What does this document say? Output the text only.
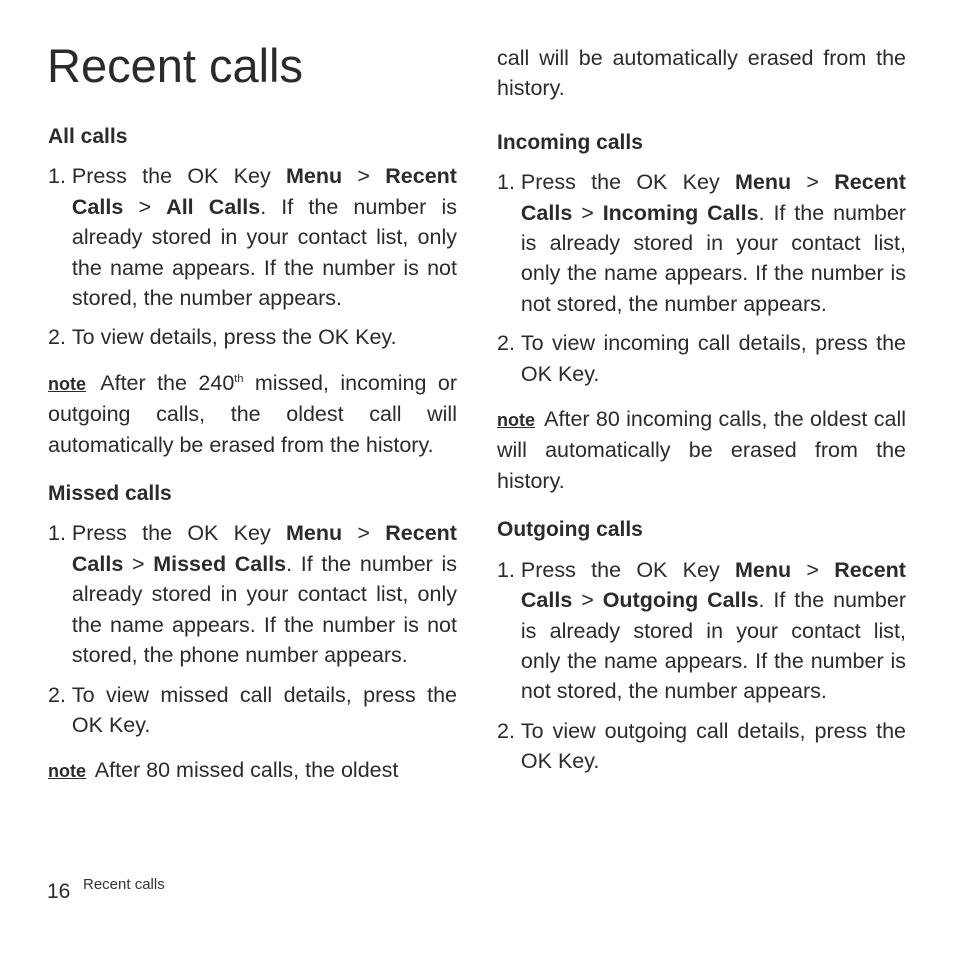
Recent calls
All calls
1. Press the OK Key Menu > Recent Calls > All Calls. If the number is already stored in your contact list, only the name appears. If the number is not stored, the number appears.
2. To view details, press the OK Key.

note After the 240th missed, incoming or outgoing calls, the oldest call will automatically be erased from the history.

Missed calls
1. Press the OK Key Menu > Recent Calls > Missed Calls. If the number is already stored in your contact list, only the name appears. If the number is not stored, the phone number appears.
2. To view missed call details, press the OK Key.

note After 80 missed calls, the oldest

call will be automatically erased from the history.

Incoming calls
1. Press the OK Key Menu > Recent Calls > Incoming Calls. If the number is already stored in your contact list, only the name appears. If the number is not stored, the number appears.
2. To view incoming call details, press the OK Key.

note After 80 incoming calls, the oldest call will automatically be erased from the history.

Outgoing calls
1. Press the OK Key Menu > Recent Calls > Outgoing Calls. If the number is already stored in your contact list, only the name appears. If the number is not stored, the number appears.
2. To view outgoing call details, press the OK Key.
16 Recent calls
